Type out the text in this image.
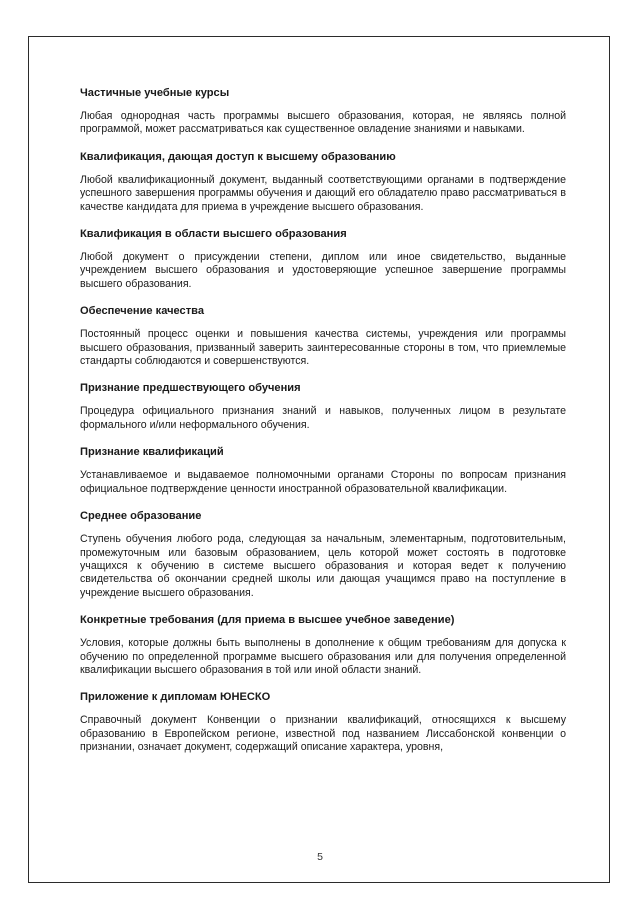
Частичные учебные курсы

Любая однородная часть программы высшего образования, которая, не являясь полной программой, может рассматриваться как существенное овладение знаниями и навыками.

Квалификация, дающая доступ к высшему образованию

Любой квалификационный документ, выданный соответствующими органами в подтверждение успешного завершения программы обучения и дающий его обладателю право рассматриваться в качестве кандидата для приема в учреждение высшего образования.

Квалификация в области высшего образования

Любой документ о присуждении степени, диплом или иное свидетельство, выданные учреждением высшего образования и удостоверяющие успешное завершение программы высшего образования.

Обеспечение качества

Постоянный процесс оценки и повышения качества системы, учреждения или программы высшего образования, призванный заверить заинтересованные стороны в том, что приемлемые стандарты соблюдаются и совершенствуются.

Признание предшествующего обучения

Процедура официального признания знаний и навыков, полученных лицом в результате формального и/или неформального обучения.

Признание квалификаций

Устанавливаемое и выдаваемое полномочными органами Стороны по вопросам признания официальное подтверждение ценности иностранной образовательной квалификации.

Среднее образование

Ступень обучения любого рода, следующая за начальным, элементарным, подготовительным, промежуточным или базовым образованием, цель которой может состоять в подготовке учащихся к обучению в системе высшего образования и которая ведет к получению свидетельства об окончании средней школы или дающая учащимся право на поступление в учреждение высшего образования.

Конкретные требования (для приема в высшее учебное заведение)

Условия, которые должны быть выполнены в дополнение к общим требованиям для допуска к обучению по определенной программе высшего образования или для получения определенной квалификации высшего образования в той или иной области знаний.

Приложение к дипломам ЮНЕСКО

Справочный документ Конвенции о признании квалификаций, относящихся к высшему образованию в Европейском регионе, известной под названием Лиссабонской конвенции о признании, означает документ, содержащий описание характера, уровня,

5
